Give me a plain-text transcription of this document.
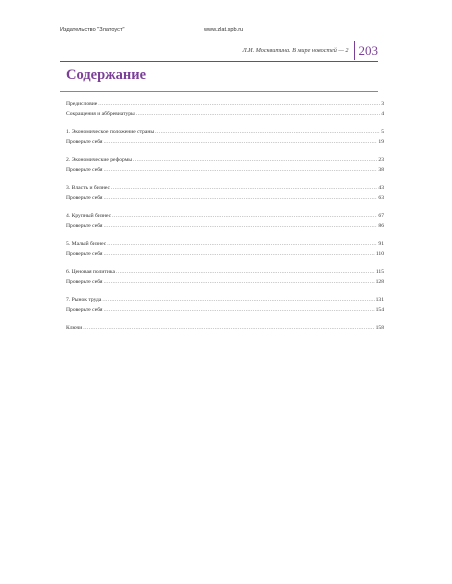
Издательство "Златоуст"	www.zlat.spb.ru
Л.И. Москвитина. В мире новостей — 2 203
Содержание
Предисловие .....	3
Сокращения и аббревиатуры .....	4
1. Экономическое положение страны .....	5
Проверьте себя .....	19
2. Экономические реформы .....	23
Проверьте себя .....	38
3. Власть и бизнес .....	43
Проверьте себя .....	63
4. Крупный бизнес .....	67
Проверьте себя .....	86
5. Малый бизнес .....	91
Проверьте себя .....	110
6. Ценовая политика .....	115
Проверьте себя .....	128
7. Рынок труда .....	131
Проверьте себя .....	154
Ключи .....	158
